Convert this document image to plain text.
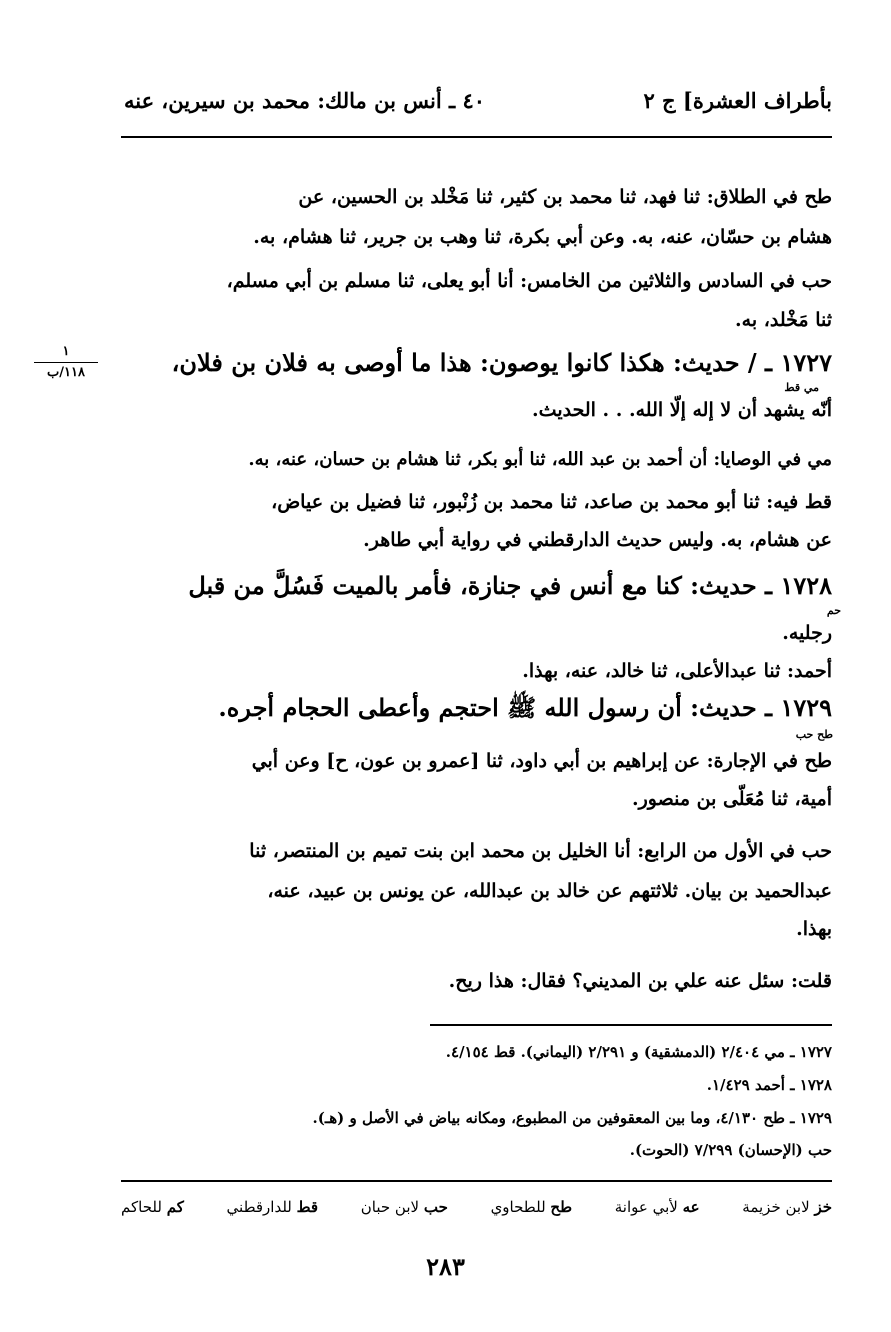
بأطراف العشرة] ج ٢
٤٠ ـ أنس بن مالك: محمد بن سيرين، عنه
طح في الطلاق: ثنا فهد، ثنا محمد بن كثير، ثنا مَخْلد بن الحسين، عن
هشام بن حسّان، عنه، به. وعن أبي بكرة، ثنا وهب بن جرير، ثنا هشام، به.
حب في السادس والثلاثين من الخامس: أنا أبو يعلى، ثنا مسلم بن أبي مسلم،
ثنا مَخْلد، به.
١٧٢٧ ـ / حديث: هكذا كانوا يوصون: هذا ما أوصى به فلان بن فلان،
مي قط
أنّه يشهد أن لا إله إلّا الله. . . الحديث.
١
١١٨/ب
مي في الوصايا: أن أحمد بن عبد الله، ثنا أبو بكر، ثنا هشام بن حسان، عنه، به.
قط فيه: ثنا أبو محمد بن صاعد، ثنا محمد بن زُنْبور، ثنا فضيل بن عياض،
عن هشام، به. وليس حديث الدارقطني في رواية أبي طاهر.
١٧٢٨ ـ حديث: كنا مع أنس في جنازة، فأمر بالميت فَسُلَّ من قبل
حم
رجليه.
أحمد: ثنا عبدالأعلى، ثنا خالد، عنه، بهذا.
١٧٢٩ ـ حديث: أن رسول الله ﷺ احتجم وأعطى الحجام أجره.
طح حب
طح في الإجارة: عن إبراهيم بن أبي داود، ثنا [عمرو بن عون، ح] وعن أبي
أمية، ثنا مُعَلّى بن منصور.
حب في الأول من الرابع: أنا الخليل بن محمد ابن بنت تميم بن المنتصر، ثنا
عبدالحميد بن بيان. ثلاثتهم عن خالد بن عبدالله، عن يونس بن عبيد، عنه،
بهذا.
قلت: سئل عنه علي بن المديني؟ فقال: هذا ريح.
١٧٢٧ ـ مي ٢/٤٠٤ (الدمشقية) و ٢/٢٩١ (اليماني). قط ٤/١٥٤.
١٧٢٨ ـ أحمد ١/٤٢٩.
١٧٢٩ ـ طح ٤/١٣٠، وما بين المعقوفين من المطبوع، ومكانه بياض في الأصل و (هـ).
حب (الإحسان) ٧/٢٩٩ (الحوت).
خز لابن خزيمة
عه لأبي عوانة
طح للطحاوي
حب لابن حبان
قط للدارقطني
كم للحاكم
٢٨٣
